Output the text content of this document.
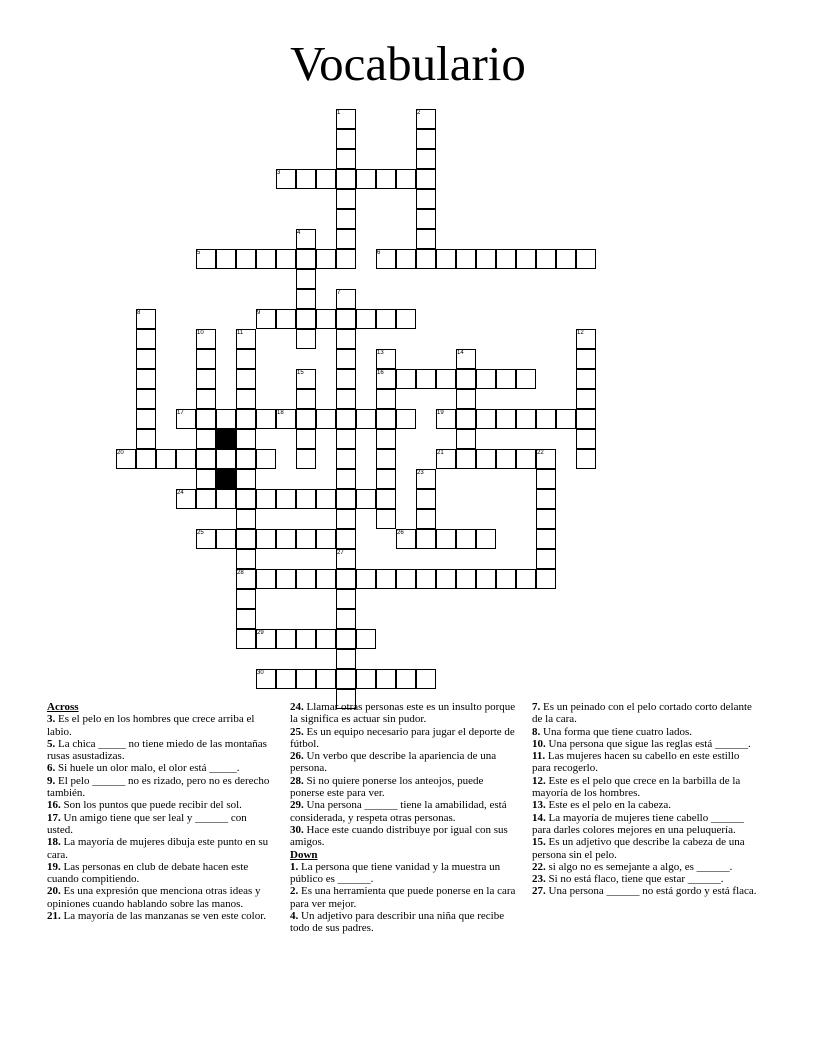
Vocabulario
1	2
3
4
5	6
7
8	9
10	11	12
13	14
15	16
17	18	19
20	21	22
23
24
25	26
27
28
29
30
Across
3. Es el pelo en los hombres que crece arriba el labio.
5. La chica _____ no tiene miedo de las montañas rusas asustadizas.
6. Si huele un olor malo, el olor está _____.
9. El pelo ______ no es rizado, pero no es derecho también.
16. Son los puntos que puede recibir del sol.
17. Un amigo tiene que ser leal y ______ con usted.
18. La mayoría de mujeres dibuja este punto en su cara.
19. Las personas en club de debate hacen este cuando compitiendo.
20. Es una expresión que menciona otras ideas y opiniones cuando hablando sobre las manos.
21. La mayoría de las manzanas se ven este color.
24. Llamar otras personas este es un insulto porque la significa es actuar sin pudor.
25. Es un equipo necesario para jugar el deporte de fútbol.
26. Un verbo que describe la apariencia de una persona.
28. Si no quiere ponerse los anteojos, puede ponerse este para ver.
29. Una persona ______ tiene la amabilidad, está considerada, y respeta otras personas.
30. Hace este cuando distribuye por igual con sus amigos.
Down
1. La persona que tiene vanidad y la muestra un público es ______.
2. Es una herramienta que puede ponerse en la cara para ver mejor.
4. Un adjetivo para describir una niña que recibe todo de sus padres.
7. Es un peinado con el pelo cortado corto delante de la cara.
8. Una forma que tiene cuatro lados.
10. Una persona que sigue las reglas está ______.
11. Las mujeres hacen su cabello en este estillo para recogerlo.
12. Este es el pelo que crece en la barbilla de la mayoría de los hombres.
13. Este es el pelo en la cabeza.
14. La mayoría de mujeres tiene cabello ______ para darles colores mejores en una peluquería.
15. Es un adjetivo que describe la cabeza de una persona sin el pelo.
22. si algo no es semejante a algo, es ______.
23. Si no está flaco, tiene que estar ______.
27. Una persona ______ no está gordo y está flaca.
